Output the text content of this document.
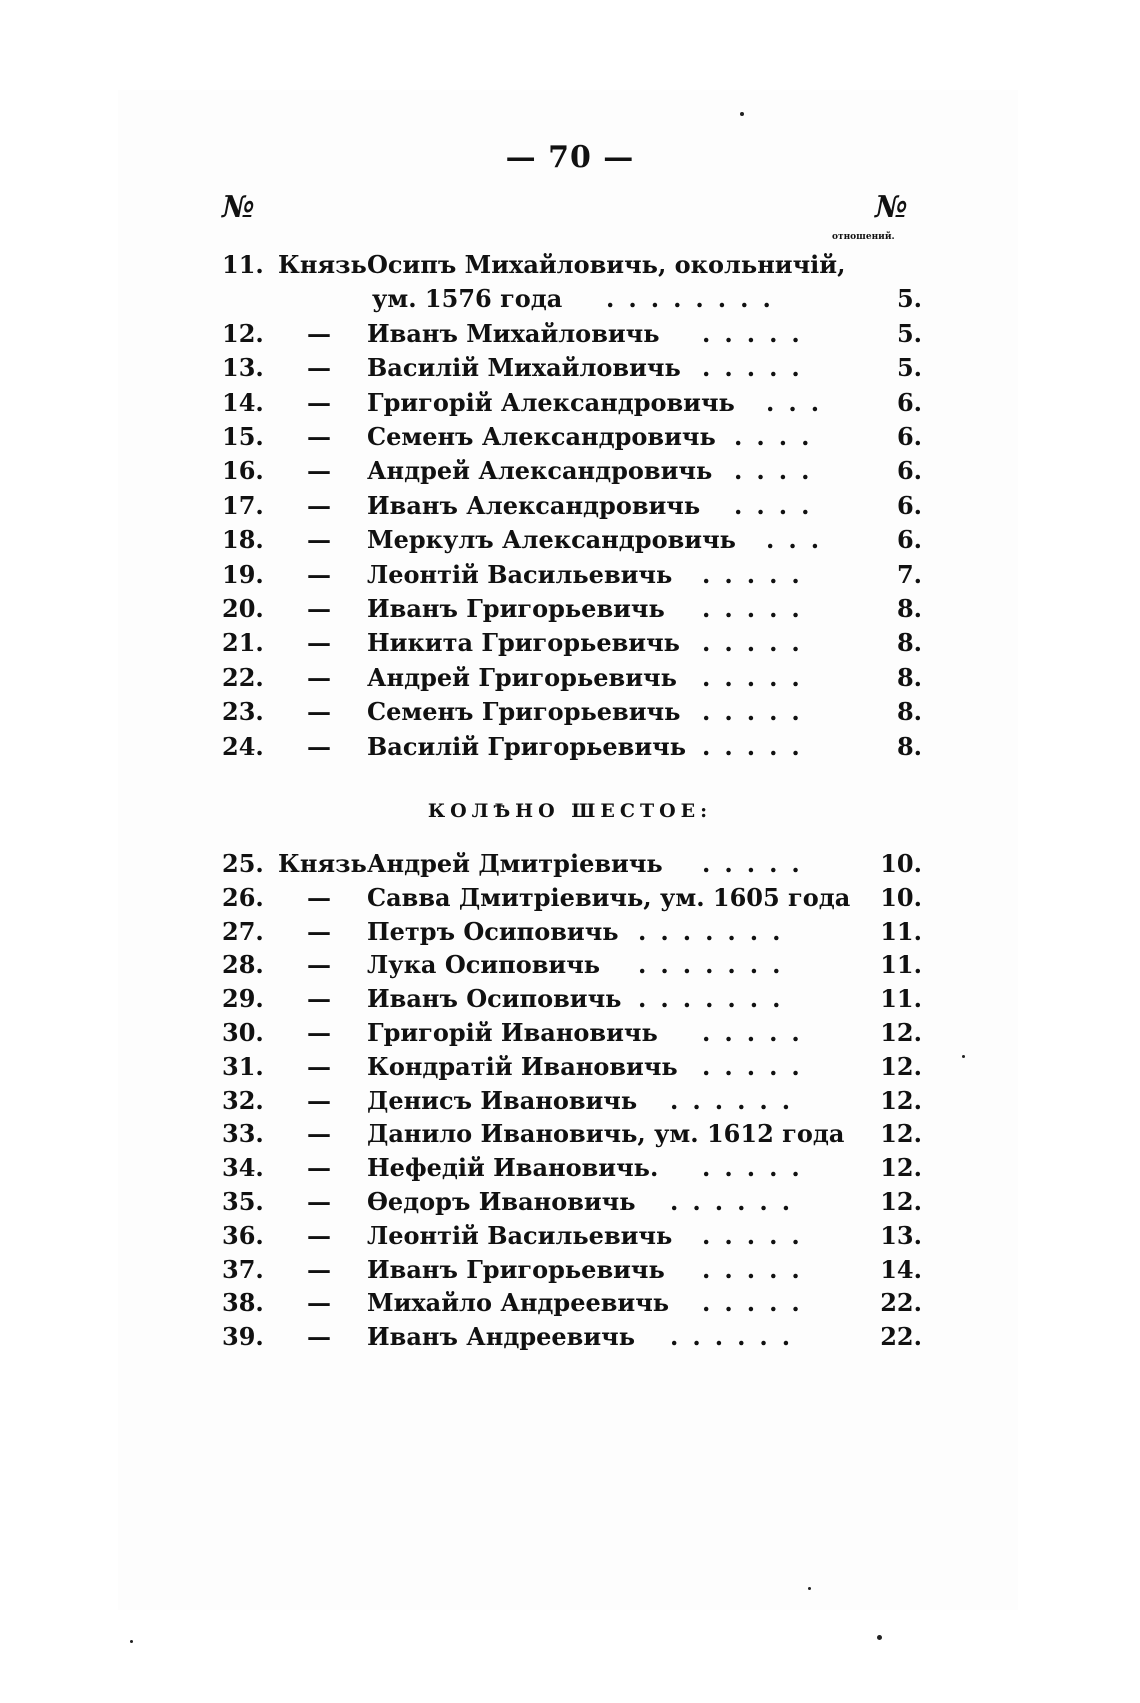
— 70 —
№	№
отношений.
11. Князь Осипъ Михайловичь, окольничій,
ум. 1576 года ........	5.
12. — Иванъ Михайловичь .....	5.
13. — Василій Михайловичь .....	5.
14. — Григорій Александровичь ...	6.
15. — Семенъ Александровичь ....	6.
16. — Андрей Александровичь ....	6.
17. — Иванъ Александровичь ....	6.
18. — Меркулъ Александровичь ...	6.
19. — Леонтій Васильевичь .....	7.
20. — Иванъ Григорьевичь .....	8.
21. — Никита Григорьевичь .....	8.
22. — Андрей Григорьевичь .....	8.
23. — Семенъ Григорьевичь .....	8.
24. — Василій Григорьевичь .....	8.
КОЛѢНО ШЕСТОЕ:
25. Князь Андрей Дмитріевичь .....	10.
26. — Савва Дмитріевичь, ум. 1605 года 10.
27. — Петръ Осиповичь .......	11.
28. — Лука Осиповичь .......	11.
29. — Иванъ Осиповичь .......	11.
30. — Григорій Ивановичь .....	12.
31. — Кондратій Ивановичь .....	12.
32. — Денисъ Ивановичь ......	12.
33. — Данило Ивановичь, ум. 1612 года 12.
34. — Нефедій Ивановичь. .....	12.
35. — Өедоръ Ивановичь ......	12.
36. — Леонтій Васильевичь .....	13.
37. — Иванъ Григорьевичь .....	14.
38. — Михайло Андреевичь .....	22.
39. — Иванъ Андреевичь ......	22.
